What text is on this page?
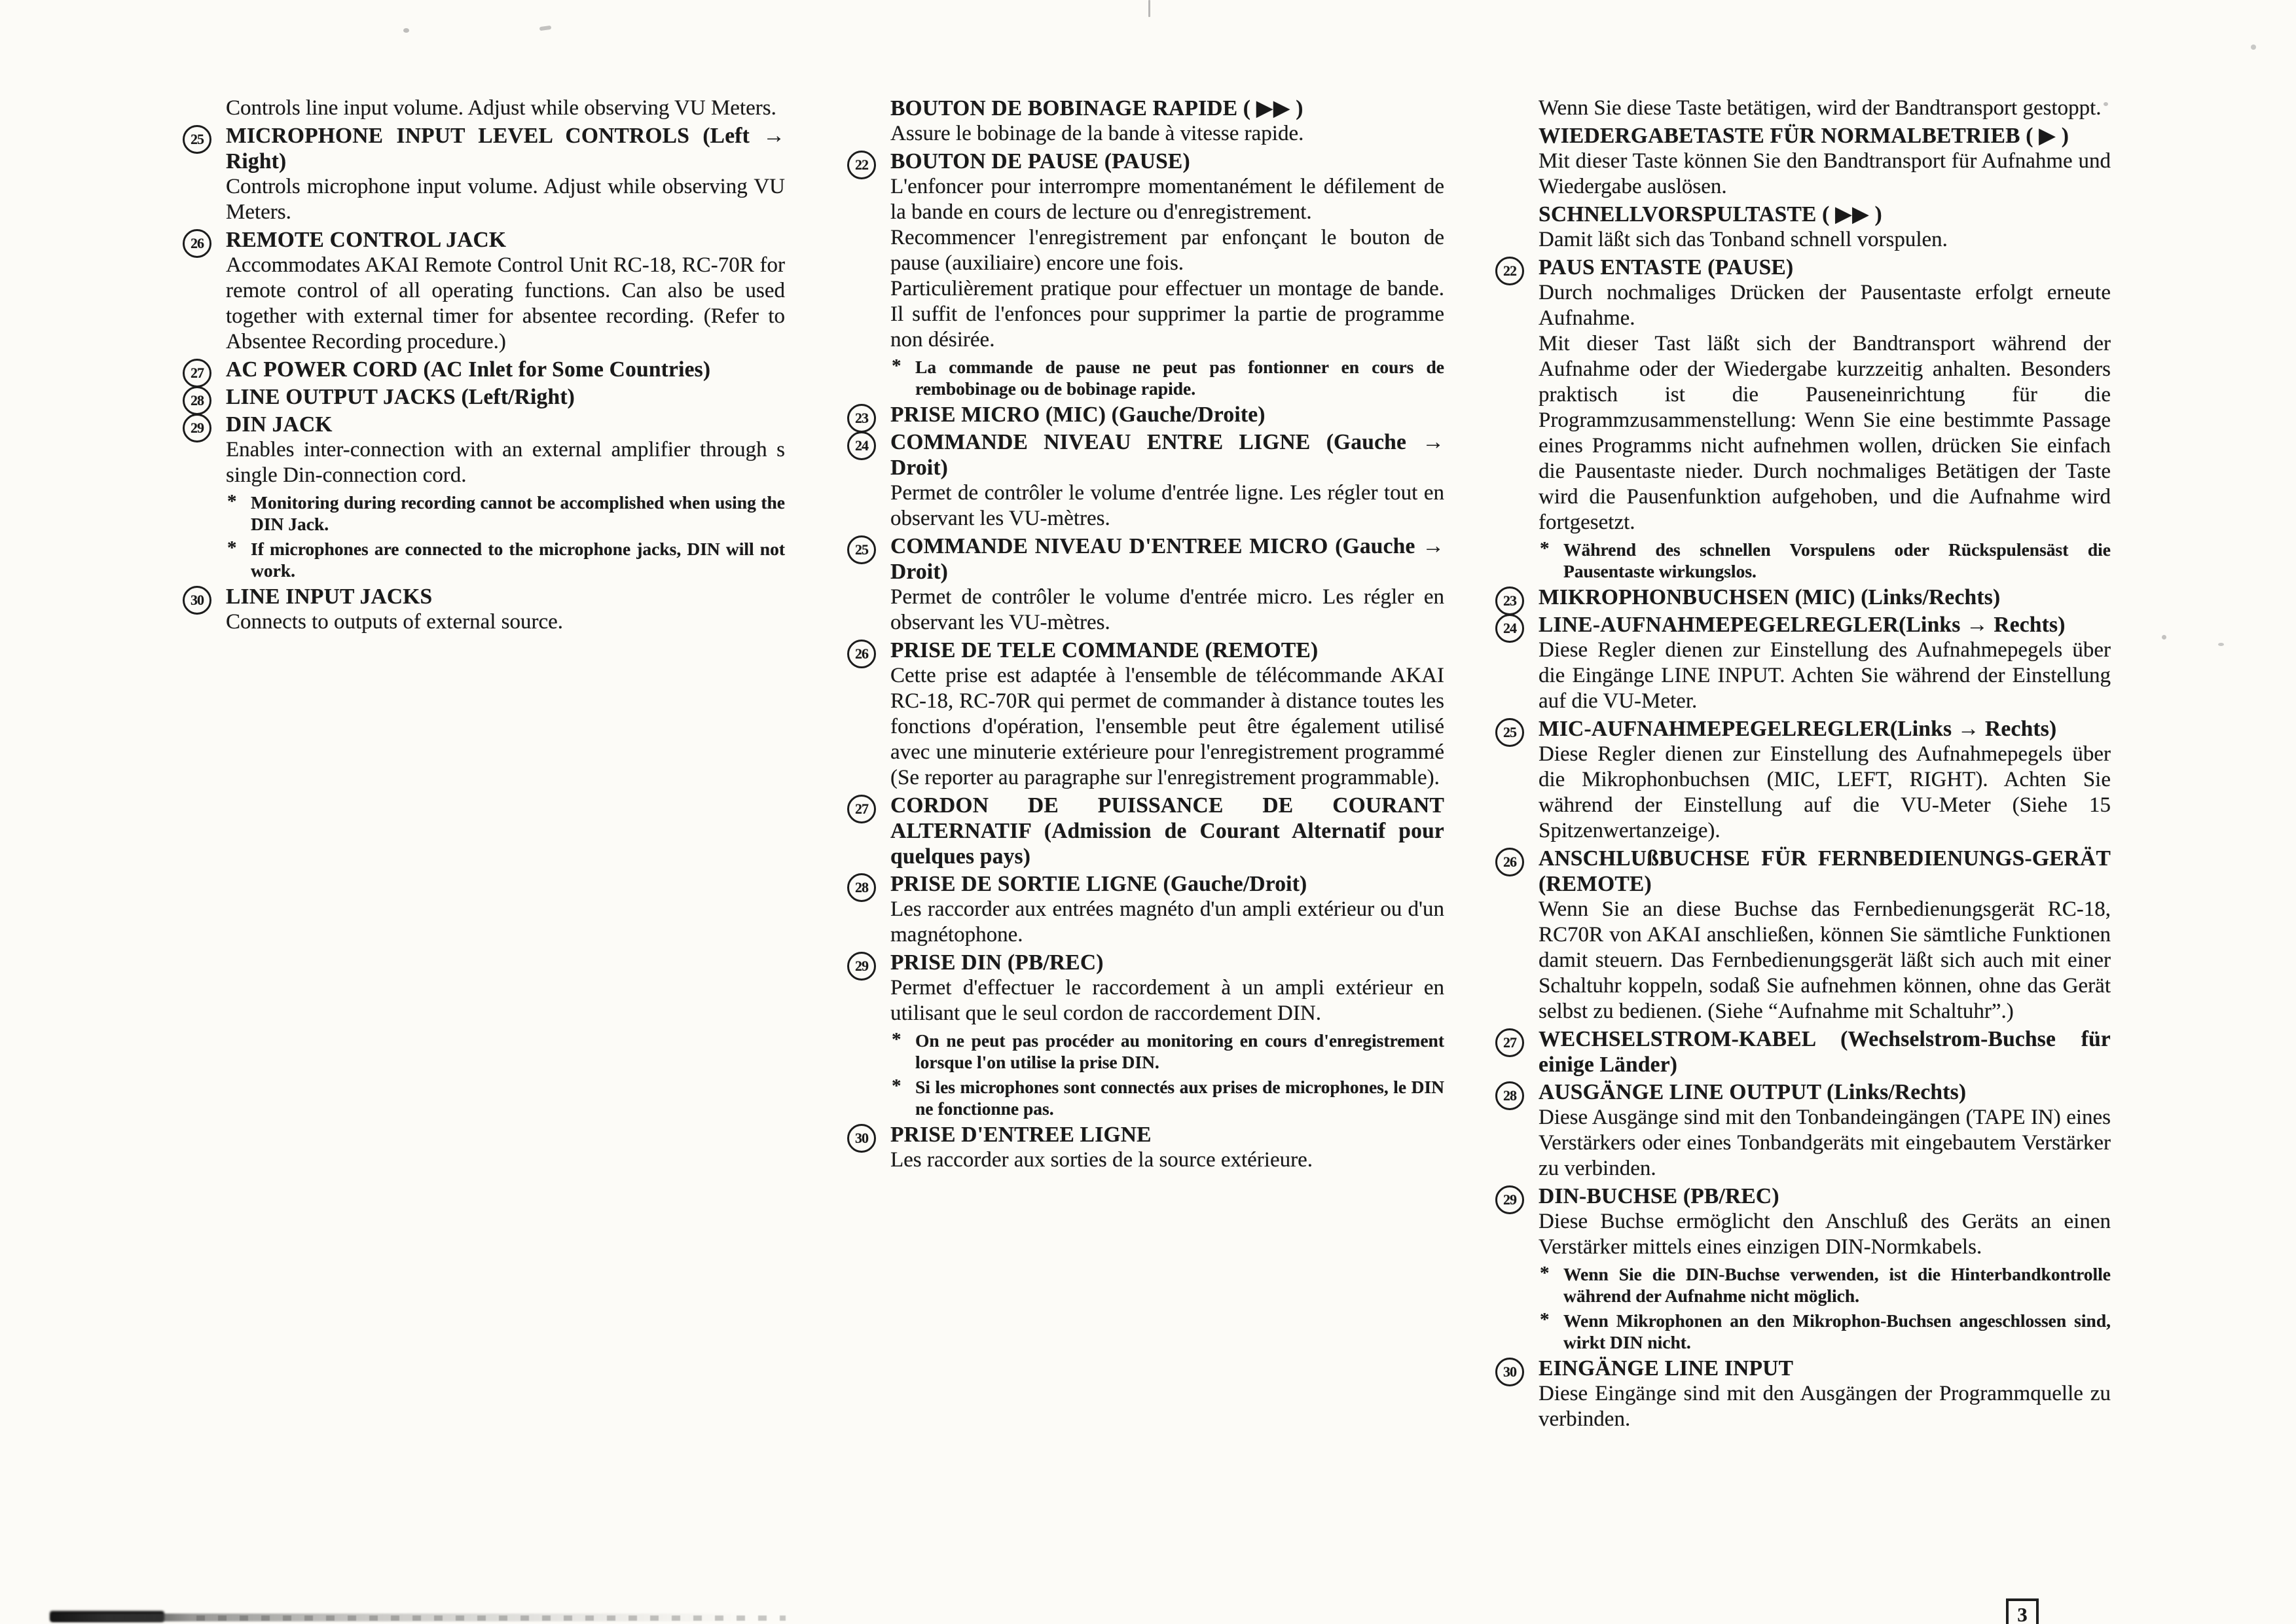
Controls line input volume. Adjust while observing VU Meters.

25	MICROPHONE INPUT LEVEL CONTROLS (Left → Right)

Controls microphone input volume. Adjust while observing VU Meters.

26	REMOTE CONTROL JACK

Accommodates AKAI Remote Control Unit RC-18, RC-70R for remote control of all operating functions. Can also be used together with external timer for absentee recording. (Refer to Absentee Recording procedure.)

27	AC POWER CORD (AC Inlet for Some Countries)
28	LINE OUTPUT JACKS (Left/Right)
29	DIN JACK

Enables inter-connection with an external amplifier through s single Din-connection cord.

* Monitoring during recording cannot be accomplished when using the DIN Jack.
* If microphones are connected to the microphone jacks, DIN will not work.
30	LINE INPUT JACKS

Connects to outputs of external source.

BOUTON DE BOBINAGE RAPIDE ( ▶▶ )

Assure le bobinage de la bande à vitesse rapide.

22	BOUTON DE PAUSE (PAUSE)

L'enfoncer pour interrompre momentanément le défilement de la bande en cours de lecture ou d'enregistrement.

Recommencer l'enregistrement par enfonçant le bouton de pause (auxiliaire) encore une fois.

Particulièrement pratique pour effectuer un montage de bande. Il suffit de l'enfonces pour supprimer la partie de programme non désirée.

* La commande de pause ne peut pas fontionner en cours de rembobinage ou de bobinage rapide.
23	PRISE MICRO (MIC) (Gauche/Droite)
24	COMMANDE NIVEAU ENTRE LIGNE (Gauche → Droit)

Permet de contrôler le volume d'entrée ligne. Les régler tout en observant les VU-mètres.

25	COMMANDE NIVEAU D'ENTREE MICRO (Gauche → Droit)

Permet de contrôler le volume d'entrée micro. Les régler en observant les VU-mètres.

26	PRISE DE TELE COMMANDE (REMOTE)

Cette prise est adaptée à l'ensemble de télécommande AKAI RC-18, RC-70R qui permet de commander à distance toutes les fonctions d'opération, l'ensemble peut être également utilisé avec une minuterie extérieure pour l'enregistrement programmé (Se reporter au paragraphe sur l'enregistrement programmable).

27	CORDON DE PUISSANCE DE COURANT ALTERNATIF (Admission de Courant Alternatif pour quelques pays)
28	PRISE DE SORTIE LIGNE (Gauche/Droit)

Les raccorder aux entrées magnéto d'un ampli extérieur ou d'un magnétophone.

29	PRISE DIN (PB/REC)

Permet d'effectuer le raccordement à un ampli extérieur en utilisant que le seul cordon de raccordement DIN.

* On ne peut pas procéder au monitoring en cours d'enregistrement lorsque l'on utilise la prise DIN.
* Si les microphones sont connectés aux prises de microphones, le DIN ne fonctionne pas.
30	PRISE D'ENTREE LIGNE

Les raccorder aux sorties de la source extérieure.

Wenn Sie diese Taste betätigen, wird der Bandtransport gestoppt.

WIEDERGABETASTE FÜR NORMALBETRIEB ( ▶ )

Mit dieser Taste können Sie den Bandtransport für Aufnahme und Wiedergabe auslösen.

SCHNELLVORSPULTASTE ( ▶▶ )

Damit läßt sich das Tonband schnell vorspulen.

22	PAUS ENTASTE (PAUSE)

Durch nochmaliges Drücken der Pausentaste erfolgt erneute Aufnahme.

Mit dieser Tast läßt sich der Bandtransport während der Aufnahme oder der Wiedergabe kurzzeitig anhalten. Besonders praktisch ist die Pauseneinrichtung für die Programmzusammenstellung: Wenn Sie eine bestimmte Passage eines Programms nicht aufnehmen wollen, drücken Sie einfach die Pausentaste nieder. Durch nochmaliges Betätigen der Taste wird die Pausenfunktion aufgehoben, und die Aufnahme wird fortgesetzt.

* Während des schnellen Vorspulens oder Rückspulensäst die Pausentaste wirkungslos.
23	MIKROPHONBUCHSEN (MIC) (Links/Rechts)
24	LINE-AUFNAHMEPEGELREGLER(Links → Rechts)

Diese Regler dienen zur Einstellung des Aufnahmepegels über die Eingänge LINE INPUT. Achten Sie während der Einstellung auf die VU-Meter.

25	MIC-AUFNAHMEPEGELREGLER(Links → Rechts)

Diese Regler dienen zur Einstellung des Aufnahmepegels über die Mikrophonbuchsen (MIC, LEFT, RIGHT). Achten Sie während der Einstellung auf die VU-Meter (Siehe 15 Spitzenwertanzeige).

26	ANSCHLUßBUCHSE FÜR FERNBEDIENUNGS-GERÄT (REMOTE)

Wenn Sie an diese Buchse das Fernbedienungsgerät RC-18, RC70R von AKAI anschließen, können Sie sämtliche Funktionen damit steuern. Das Fernbedienungsgerät läßt sich auch mit einer Schaltuhr koppeln, sodaß Sie aufnehmen können, ohne das Gerät selbst zu bedienen. (Siehe “Aufnahme mit Schaltuhr”.)

27	WECHSELSTROM-KABEL (Wechselstrom-Buchse für einige Länder)
28	AUSGÄNGE LINE OUTPUT (Links/Rechts)

Diese Ausgänge sind mit den Tonbandeingängen (TAPE IN) eines Verstärkers oder eines Tonbandgeräts mit eingebautem Verstärker zu verbinden.

29	DIN-BUCHSE (PB/REC)

Diese Buchse ermöglicht den Anschluß des Geräts an einen Verstärker mittels eines einzigen DIN-Normkabels.

* Wenn Sie die DIN-Buchse verwenden, ist die Hinterbandkontrolle während der Aufnahme nicht möglich.
* Wenn Mikrophonen an den Mikrophon-Buchsen angeschlossen sind, wirkt DIN nicht.
30	EINGÄNGE LINE INPUT

Diese Eingänge sind mit den Ausgängen der Programmquelle zu verbinden.

3
